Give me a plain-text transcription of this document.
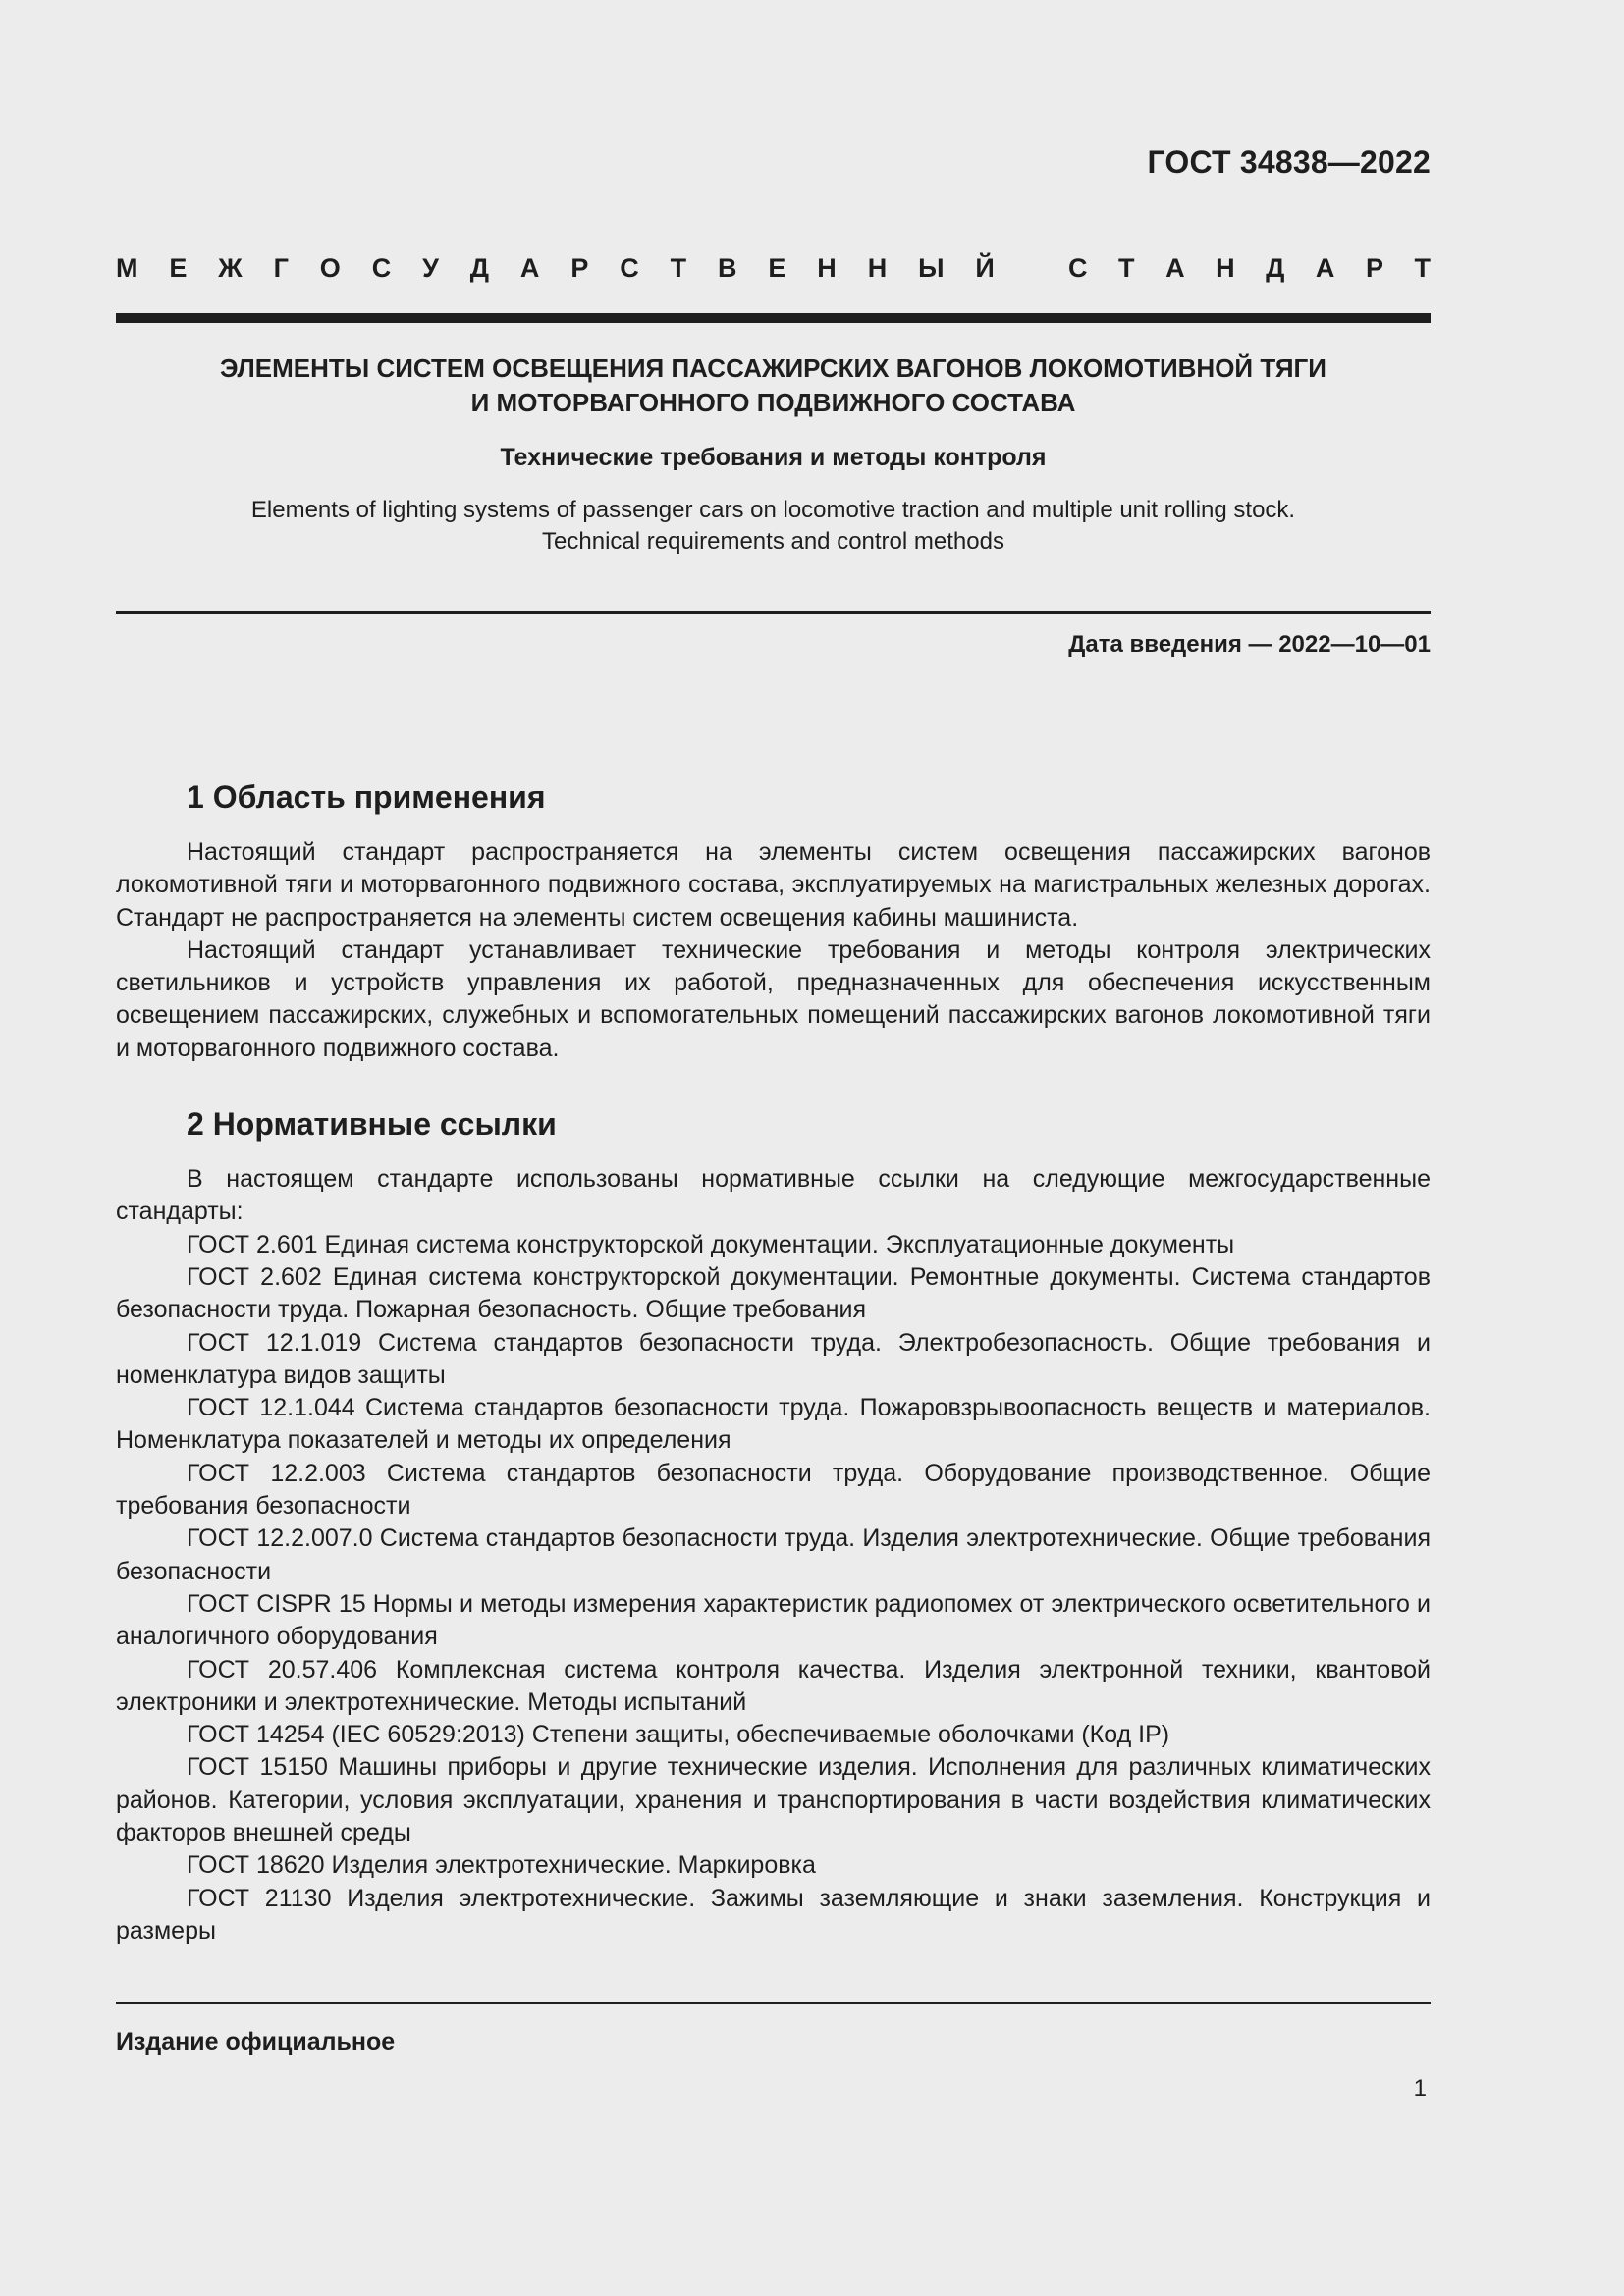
ГОСТ 34838—2022
М Е Ж Г О С У Д А Р С Т В Е Н Н Ы Й	С Т А Н Д А Р Т
ЭЛЕМЕНТЫ СИСТЕМ ОСВЕЩЕНИЯ ПАССАЖИРСКИХ ВАГОНОВ ЛОКОМОТИВНОЙ ТЯГИ
И МОТОРВАГОННОГО ПОДВИЖНОГО СОСТАВА
Технические требования и методы контроля
Elements of lighting systems of passenger cars on locomotive traction and multiple unit rolling stock.
Technical requirements and control methods
Дата введения — 2022—10—01
1 Область применения

Настоящий стандарт распространяется на элементы систем освещения пассажирских вагонов локомотивной тяги и моторвагонного подвижного состава, эксплуатируемых на магистральных железных дорогах. Стандарт не распространяется на элементы систем освещения кабины машиниста.

Настоящий стандарт устанавливает технические требования и методы контроля электрических светильников и устройств управления их работой, предназначенных для обеспечения искусственным освещением пассажирских, служебных и вспомогательных помещений пассажирских вагонов локомотивной тяги и моторвагонного подвижного состава.

2 Нормативные ссылки

В настоящем стандарте использованы нормативные ссылки на следующие межгосударственные стандарты:

ГОСТ 2.601 Единая система конструкторской документации. Эксплуатационные документы

ГОСТ 2.602 Единая система конструкторской документации. Ремонтные документы. Система стандартов безопасности труда. Пожарная безопасность. Общие требования

ГОСТ 12.1.019 Система стандартов безопасности труда. Электробезопасность. Общие требования и номенклатура видов защиты

ГОСТ 12.1.044 Система стандартов безопасности труда. Пожаровзрывоопасность веществ и материалов. Номенклатура показателей и методы их определения

ГОСТ 12.2.003 Система стандартов безопасности труда. Оборудование производственное. Общие требования безопасности

ГОСТ 12.2.007.0 Система стандартов безопасности труда. Изделия электротехнические. Общие требования безопасности

ГОСТ CISPR 15 Нормы и методы измерения характеристик радиопомех от электрического осветительного и аналогичного оборудования

ГОСТ 20.57.406 Комплексная система контроля качества. Изделия электронной техники, квантовой электроники и электротехнические. Методы испытаний

ГОСТ 14254 (IEC 60529:2013) Степени защиты, обеспечиваемые оболочками (Код IP)

ГОСТ 15150 Машины приборы и другие технические изделия. Исполнения для различных климатических районов. Категории, условия эксплуатации, хранения и транспортирования в части воздействия климатических факторов внешней среды

ГОСТ 18620 Изделия электротехнические. Маркировка

ГОСТ 21130 Изделия электротехнические. Зажимы заземляющие и знаки заземления. Конструкция и размеры

Издание официальное
1
